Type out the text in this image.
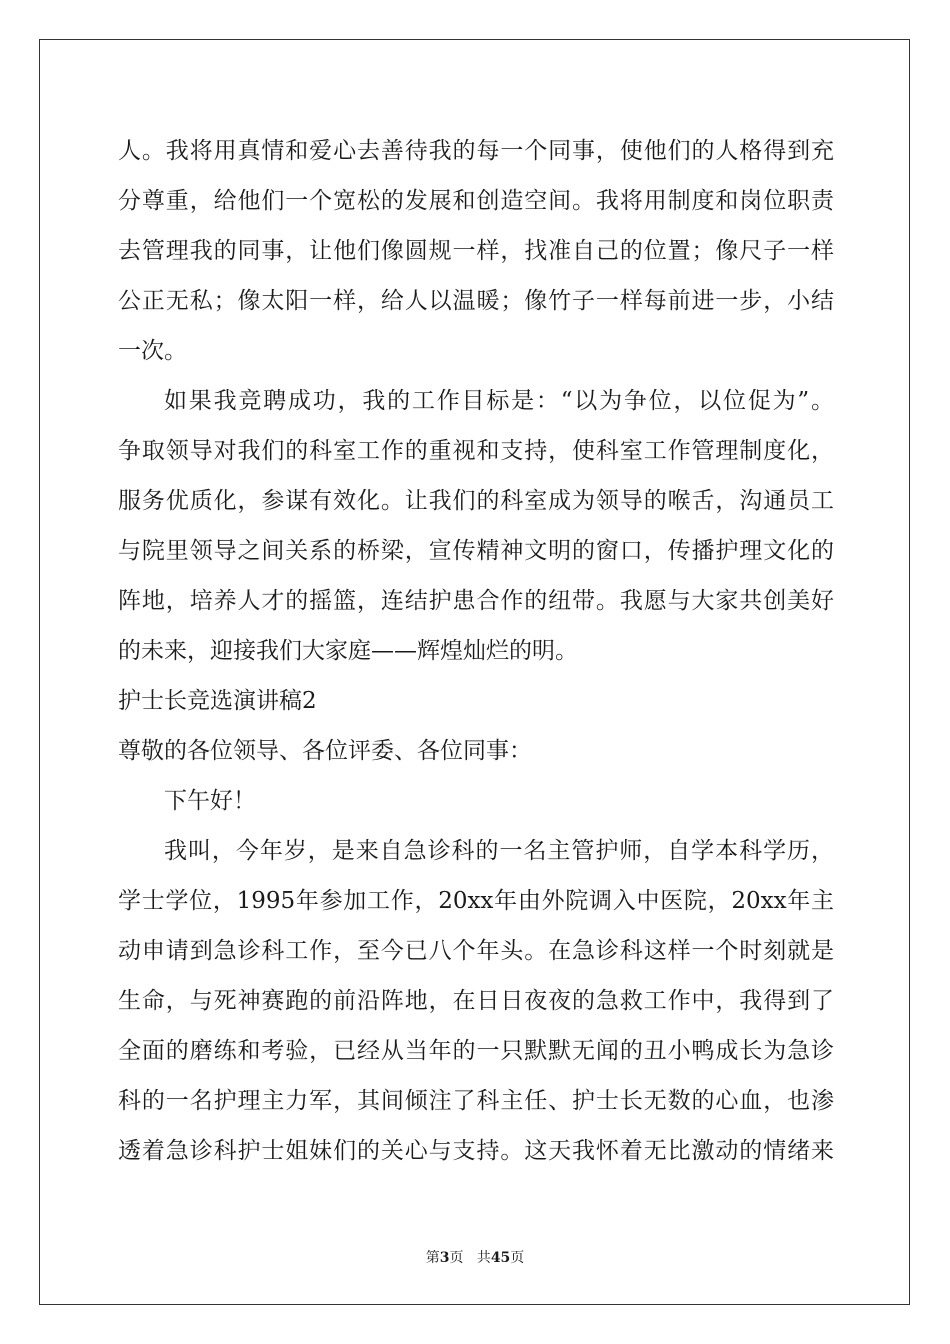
人。我将用真情和爱心去善待我的每一个同事，使他们的人格得到充
分尊重，给他们一个宽松的发展和创造空间。我将用制度和岗位职责
去管理我的同事，让他们像圆规一样，找准自己的位置；像尺子一样
公正无私；像太阳一样，给人以温暖；像竹子一样每前进一步，小结
一次。
如果我竞聘成功，我的工作目标是：“以为争位，以位促为”。
争取领导对我们的科室工作的重视和支持，使科室工作管理制度化，
服务优质化，参谋有效化。让我们的科室成为领导的喉舌，沟通员工
与院里领导之间关系的桥梁，宣传精神文明的窗口，传播护理文化的
阵地，培养人才的摇篮，连结护患合作的纽带。我愿与大家共创美好
的未来，迎接我们大家庭——辉煌灿烂的明。
护士长竞选演讲稿2
尊敬的各位领导、各位评委、各位同事：
下午好！
我叫，今年岁，是来自急诊科的一名主管护师，自学本科学历，
学士学位，1995年参加工作，20xx年由外院调入中医院，20xx年主
动申请到急诊科工作，至今已八个年头。在急诊科这样一个时刻就是
生命，与死神赛跑的前沿阵地，在日日夜夜的急救工作中，我得到了
全面的磨练和考验，已经从当年的一只默默无闻的丑小鸭成长为急诊
科的一名护理主力军，其间倾注了科主任、护士长无数的心血，也渗
透着急诊科护士姐妹们的关心与支持。这天我怀着无比激动的情绪来
第3页 共45页
